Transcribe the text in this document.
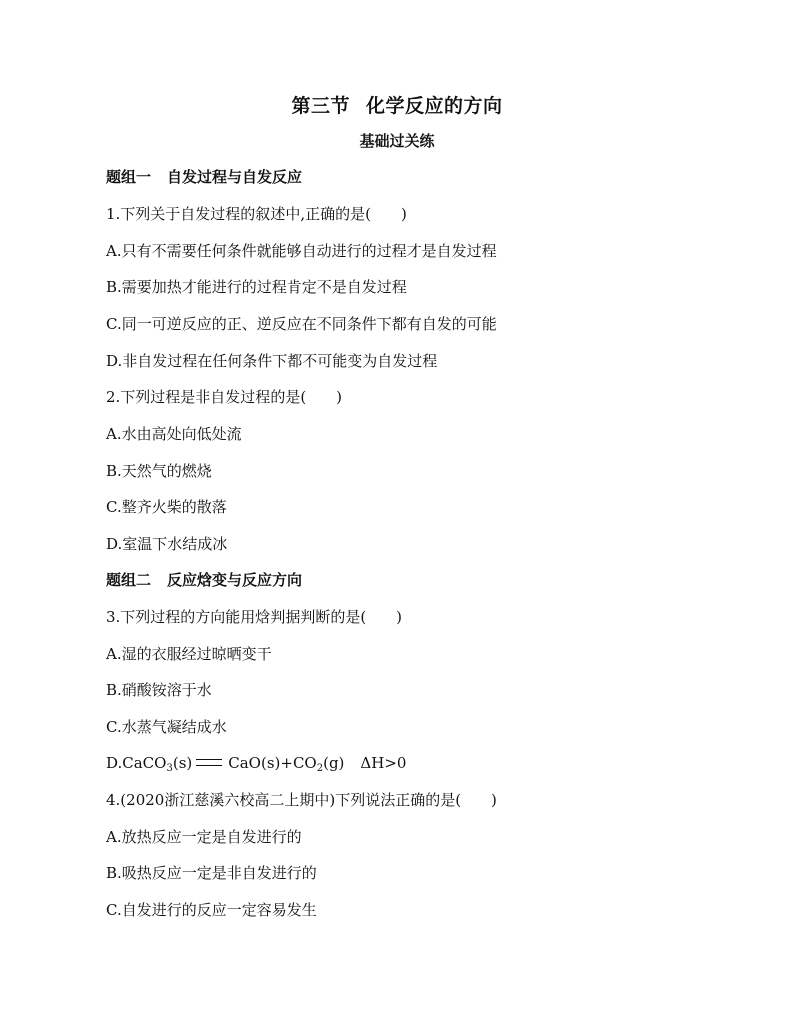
第三节 化学反应的方向
基础过关练
题组一 自发过程与自发反应
1.下列关于自发过程的叙述中,正确的是( )
A.只有不需要任何条件就能够自动进行的过程才是自发过程
B.需要加热才能进行的过程肯定不是自发过程
C.同一可逆反应的正、逆反应在不同条件下都有自发的可能
D.非自发过程在任何条件下都不可能变为自发过程
2.下列过程是非自发过程的是( )
A.水由高处向低处流
B.天然气的燃烧
C.整齐火柴的散落
D.室温下水结成冰
题组二 反应焓变与反应方向
3.下列过程的方向能用焓判据判断的是( )
A.湿的衣服经过晾晒变干
B.硝酸铵溶于水
C.水蒸气凝结成水
D.CaCO$_3$(s) $CaO(s)+CO_2(g)$ ΔH>0
4.(2020浙江慈溪六校高二上期中)下列说法正确的是( )
A.放热反应一定是自发进行的
B.吸热反应一定是非自发进行的
C.自发进行的反应一定容易发生
